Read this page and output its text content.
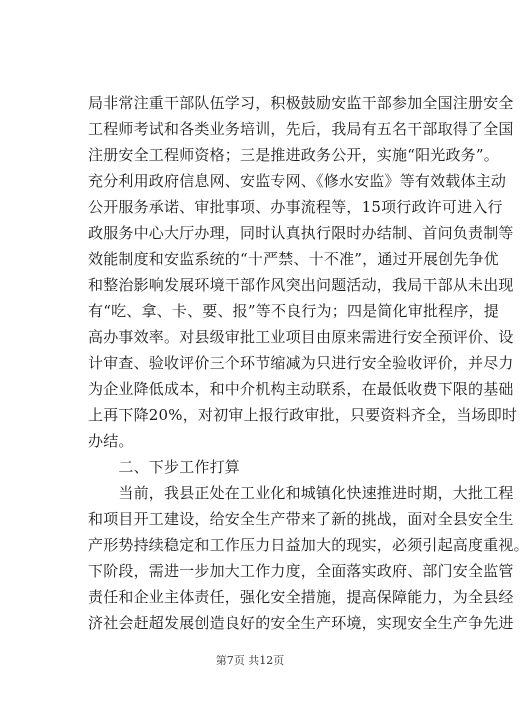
局非常注重干部队伍学习，积极鼓励安监干部参加全国注册安全
工程师考试和各类业务培训，先后，我局有五名干部取得了全国
注册安全工程师资格；三是推进政务公开，实施“阳光政务”。
充分利用政府信息网、安监专网、《修水安监》等有效载体主动
公开服务承诺、审批事项、办事流程等，15项行政许可进入行
政服务中心大厅办理，同时认真执行限时办结制、首问负责制等
效能制度和安监系统的“十严禁、十不准”，通过开展创先争优
和整治影响发展环境干部作风突出问题活动，我局干部从未出现
有“吃、拿、卡、要、报”等不良行为；四是简化审批程序，提
高办事效率。对县级审批工业项目由原来需进行安全预评价、设
计审查、验收评价三个环节缩减为只进行安全验收评价，并尽力
为企业降低成本，和中介机构主动联系，在最低收费下限的基础
上再下降20%，对初审上报行政审批，只要资料齐全，当场即时
办结。
　　二、下步工作打算
　　当前，我县正处在工业化和城镇化快速推进时期，大批工程
和项目开工建设，给安全生产带来了新的挑战，面对全县安全生
产形势持续稳定和工作压力日益加大的现实，必须引起高度重视。
下阶段，需进一步加大工作力度，全面落实政府、部门安全监管
责任和企业主体责任，强化安全措施，提高保障能力，为全县经
济社会赶超发展创造良好的安全生产环境，实现安全生产争先进
第7页 共12页
